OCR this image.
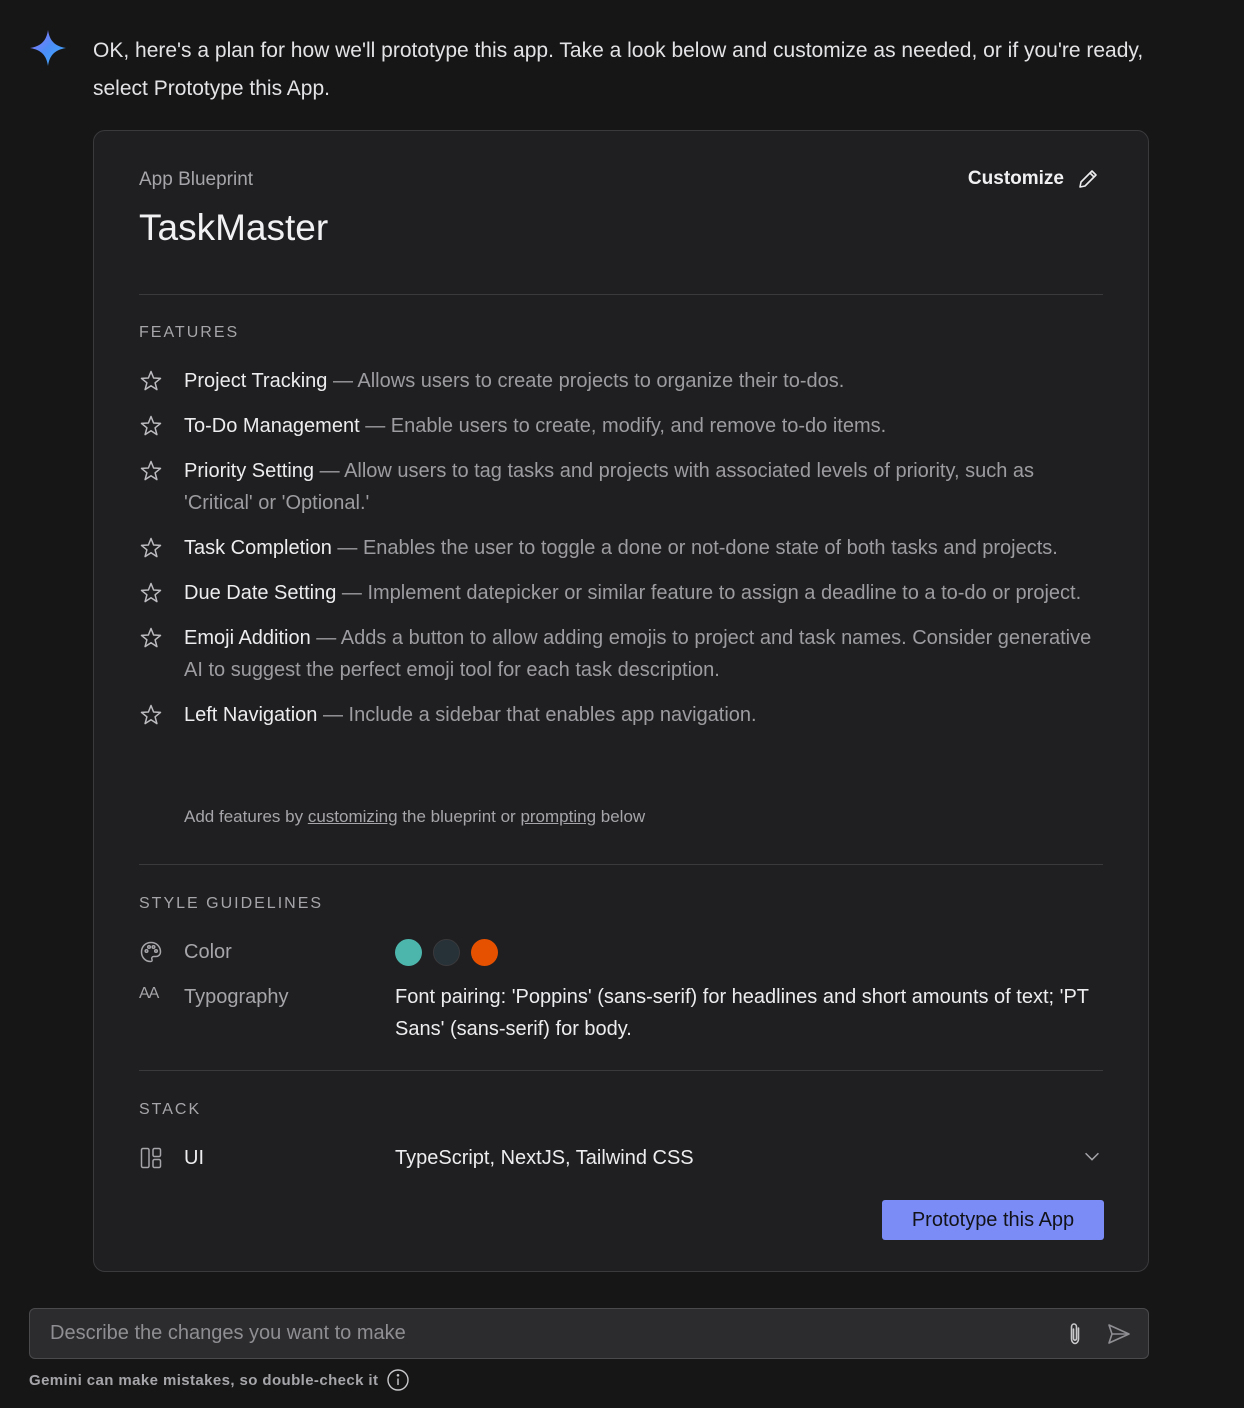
OK, here's a plan for how we'll prototype this app. Take a look below and customize as needed, or if you're ready, select Prototype this App.

App Blueprint
TaskMaster
Customize
FEATURES
Project Tracking — Allows users to create projects to organize their to-dos.
To-Do Management — Enable users to create, modify, and remove to-do items.
Priority Setting — Allow users to tag tasks and projects with associated levels of priority, such as 'Critical' or 'Optional.'
Task Completion — Enables the user to toggle a done or not-done state of both tasks and projects.
Due Date Setting — Implement datepicker or similar feature to assign a deadline to a to-do or project.
Emoji Addition — Adds a button to allow adding emojis to project and task names. Consider generative AI to suggest the perfect emoji tool for each task description.
Left Navigation — Include a sidebar that enables app navigation.
Add features by customizing the blueprint or prompting below
STYLE GUIDELINES
Color
AA	Typography	Font pairing: 'Poppins' (sans-serif) for headlines and short amounts of text; 'PT Sans' (sans-serif) for body.
STACK
UI	TypeScript, NextJS, Tailwind CSS
Prototype this App
Describe the changes you want to make
Gemini can make mistakes, so double-check it
